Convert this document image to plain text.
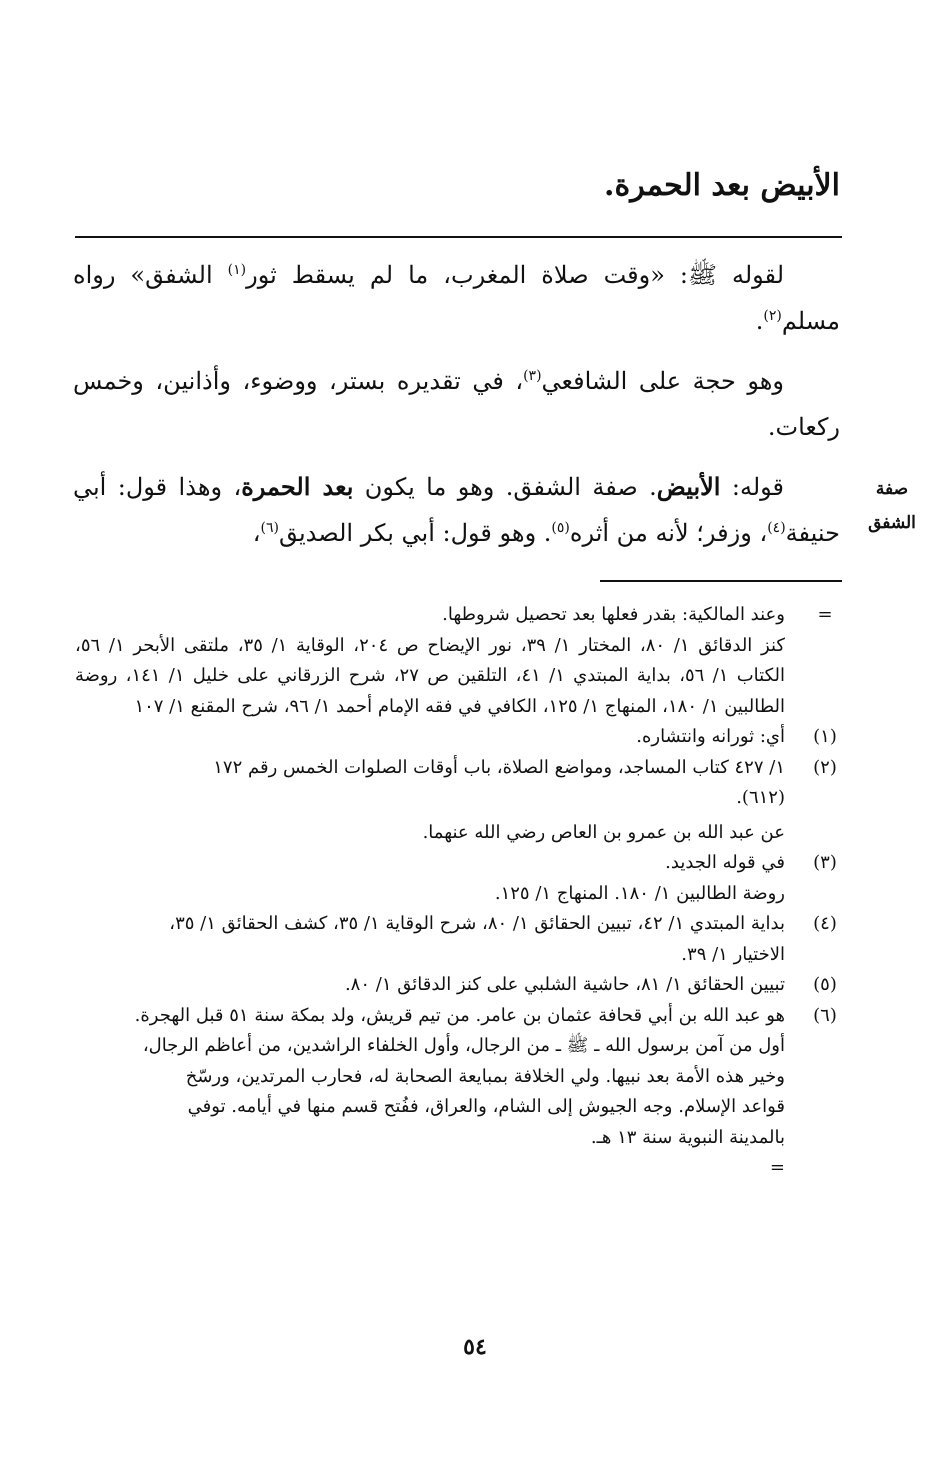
الأبيض بعد الحمرة.

لقوله ﷺ: «وقت صلاة المغرب، ما لم يسقط ثور$^{(١)}$ الشفق» رواه مسلم$^{(٢)}$.

وهو حجة على الشافعي$^{(٣)}$، في تقديره بستر، ووضوء، وأذانين، وخمس ركعات.

قوله: الأبيض. صفة الشفق. وهو ما يكون بعد الحمرة، وهذا قول: أبي حنيفة$^{(٤)}$، وزفر؛ لأنه من أثره$^{(٥)}$. وهو قول: أبي بكر الصديق$^{(٦)}$،

صفة
الشفق
=
وعند المالكية: بقدر فعلها بعد تحصيل شروطها.
كنز الدقائق ١/ ٨٠، المختار ١/ ٣٩، نور الإيضاح ص ٢٠٤، الوقاية ١/ ٣٥، ملتقى الأبحر ١/ ٥٦، الكتاب ١/ ٥٦، بداية المبتدي ١/ ٤١، التلقين ص ٢٧، شرح الزرقاني على خليل ١/ ١٤١، روضة الطالبين ١/ ١٨٠، المنهاج ١/ ١٢٥، الكافي في فقه الإمام أحمد ١/ ٩٦، شرح المقنع ١/ ١٠٧
(١)
أي: ثورانه وانتشاره.
(٢)
١/ ٤٢٧ كتاب المساجد، ومواضع الصلاة، باب أوقات الصلوات الخمس رقم ١٧٢
(٦١٢).
عن عبد الله بن عمرو بن العاص رضي الله عنهما.
(٣)
في قوله الجديد.
روضة الطالبين ١/ ١٨٠. المنهاج ١/ ١٢٥.
(٤)
بداية المبتدي ١/ ٤٢، تبيين الحقائق ١/ ٨٠، شرح الوقاية ١/ ٣٥، كشف الحقائق ١/ ٣٥،
الاختيار ١/ ٣٩.
(٥)
تبيين الحقائق ١/ ٨١، حاشية الشلبي على كنز الدقائق ١/ ٨٠.
(٦)
هو عبد الله بن أبي قحافة عثمان بن عامر. من تيم قريش، ولد بمكة سنة ٥١ قبل الهجرة.
أول من آمن برسول الله ـ ﷺ ـ من الرجال، وأول الخلفاء الراشدين، من أعاظم الرجال،
وخير هذه الأمة بعد نبيها. ولي الخلافة بمبايعة الصحابة له، فحارب المرتدين، ورسّخ
قواعد الإسلام. وجه الجيوش إلى الشام، والعراق، ففُتح قسم منها في أيامه. توفي
بالمدينة النبوية سنة ١٣ هـ.
=
٥٤
